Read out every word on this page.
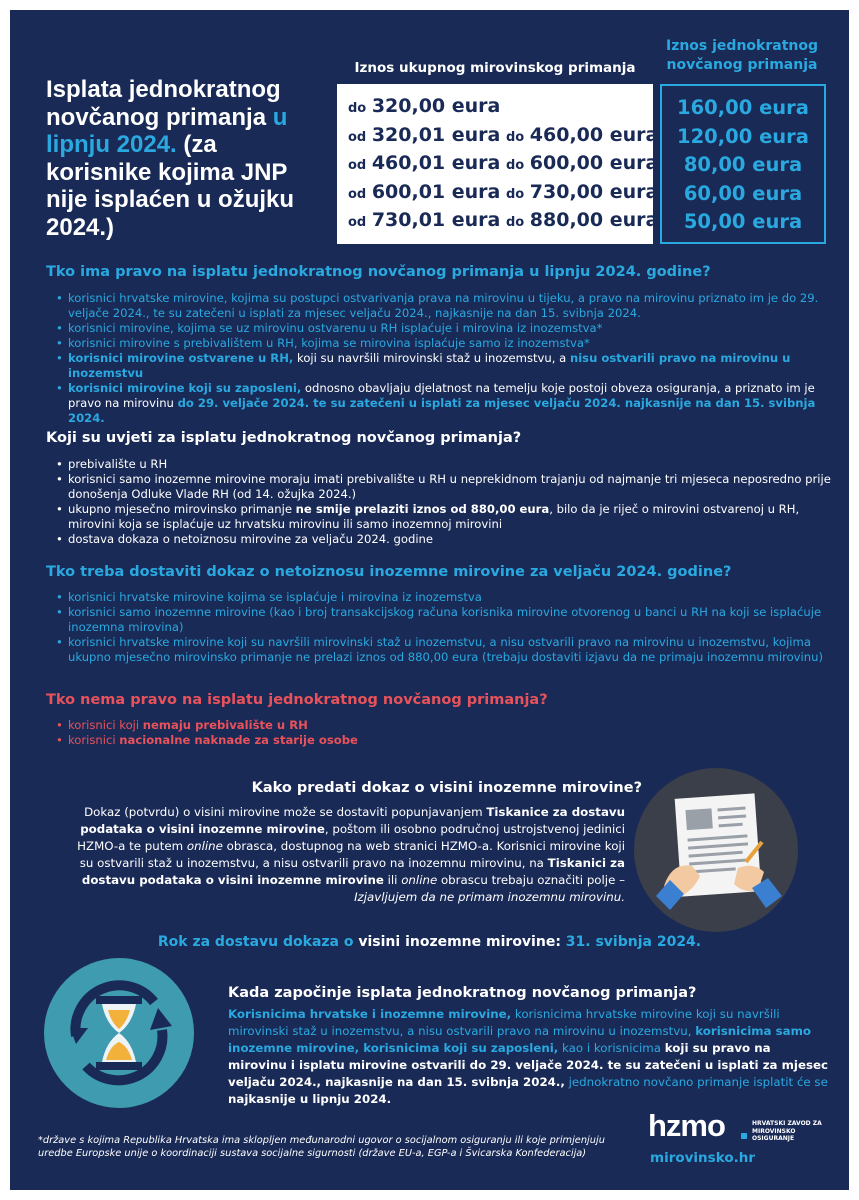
Isplata jednokratnog novčanog primanja u lipnju 2024. (za korisnike kojima JNP nije isplaćen u ožujku 2024.)
Iznos ukupnog mirovinskog primanja
Iznos jednokratnog novčanog primanja
do 320,00 eura
od 320,01 eura do 460,00 eura
od 460,01 eura do 600,00 eura
od 600,01 eura do 730,00 eura
od 730,01 eura do 880,00 eura
160,00 eura
120,00 eura
80,00 eura
60,00 eura
50,00 eura
Tko ima pravo na isplatu jednokratnog novčanog primanja u lipnju 2024. godine?
• korisnici hrvatske mirovine, kojima su postupci ostvarivanja prava na mirovinu u tijeku, a pravo na mirovinu priznato im je do 29. veljače 2024., te su zatečeni u isplati za mjesec veljaču 2024., najkasnije na dan 15. svibnja 2024.
• korisnici mirovine, kojima se uz mirovinu ostvarenu u RH isplaćuje i mirovina iz inozemstva*
• korisnici mirovine s prebivalištem u RH, kojima se mirovina isplaćuje samo iz inozemstva*
• korisnici mirovine ostvarene u RH, koji su navršili mirovinski staž u inozemstvu, a nisu ostvarili pravo na mirovinu u inozemstvu
• korisnici mirovine koji su zaposleni, odnosno obavljaju djelatnost na temelju koje postoji obveza osiguranja, a priznato im je pravo na mirovinu do 29. veljače 2024. te su zatečeni u isplati za mjesec veljaču 2024. najkasnije na dan 15. svibnja 2024.
Koji su uvjeti za isplatu jednokratnog novčanog primanja?
• prebivalište u RH
• korisnici samo inozemne mirovine moraju imati prebivalište u RH u neprekidnom trajanju od najmanje tri mjeseca neposredno prije donošenja Odluke Vlade RH (od 14. ožujka 2024.)
• ukupno mjesečno mirovinsko primanje ne smije prelaziti iznos od 880,00 eura, bilo da je riječ o mirovini ostvarenoj u RH, mirovini koja se isplaćuje uz hrvatsku mirovinu ili samo inozemnoj mirovini
• dostava dokaza o netoiznosu mirovine za veljaču 2024. godine
Tko treba dostaviti dokaz o netoiznosu inozemne mirovine za veljaču 2024. godine?
• korisnici hrvatske mirovine kojima se isplaćuje i mirovina iz inozemstva
• korisnici samo inozemne mirovine (kao i broj transakcijskog računa korisnika mirovine otvorenog u banci u RH na koji se isplaćuje inozemna mirovina)
• korisnici hrvatske mirovine koji su navršili mirovinski staž u inozemstvu, a nisu ostvarili pravo na mirovinu u inozemstvu, kojima ukupno mjesečno mirovinsko primanje ne prelazi iznos od 880,00 eura (trebaju dostaviti izjavu da ne primaju inozemnu mirovinu)
Tko nema pravo na isplatu jednokratnog novčanog primanja?
• korisnici koji nemaju prebivalište u RH
• korisnici nacionalne naknade za starije osobe
Kako predati dokaz o visini inozemne mirovine?
Dokaz (potvrdu) o visini mirovine može se dostaviti popunjavanjem Tiskanice za dostavu podataka o visini inozemne mirovine, poštom ili osobno područnoj ustrojstvenoj jedinici HZMO-a te putem online obrasca, dostupnog na web stranici HZMO-a. Korisnici mirovine koji su ostvarili staž u inozemstvu, a nisu ostvarili pravo na inozemnu mirovinu, na Tiskanici za dostavu podataka o visini inozemne mirovine ili online obrascu trebaju označiti polje – Izjavljujem da ne primam inozemnu mirovinu.
Rok za dostavu dokaza o visini inozemne mirovine: 31. svibnja 2024.
Kada započinje isplata jednokratnog novčanog primanja?
Korisnicima hrvatske i inozemne mirovine, korisnicima hrvatske mirovine koji su navršili mirovinski staž u inozemstvu, a nisu ostvarili pravo na mirovinu u inozemstvu, korisnicima samo inozemne mirovine, korisnicima koji su zaposleni, kao i korisnicima koji su pravo na mirovinu i isplatu mirovine ostvarili do 29. veljače 2024. te su zatečeni u isplati za mjesec veljaču 2024., najkasnije na dan 15. svibnja 2024., jednokratno novčano primanje isplatit će se najkasnije u lipnju 2024.
*države s kojima Republika Hrvatska ima sklopljen međunarodni ugovor o socijalnom osiguranju ili koje primjenjuju uredbe Europske unije o koordinaciji sustava socijalne sigurnosti (države EU-a, EGP-a i Švicarska Konfederacija)
hzmo	HRVATSKI ZAVOD ZA
MIROVINSKO OSIGURANJE
mirovinsko.hr
